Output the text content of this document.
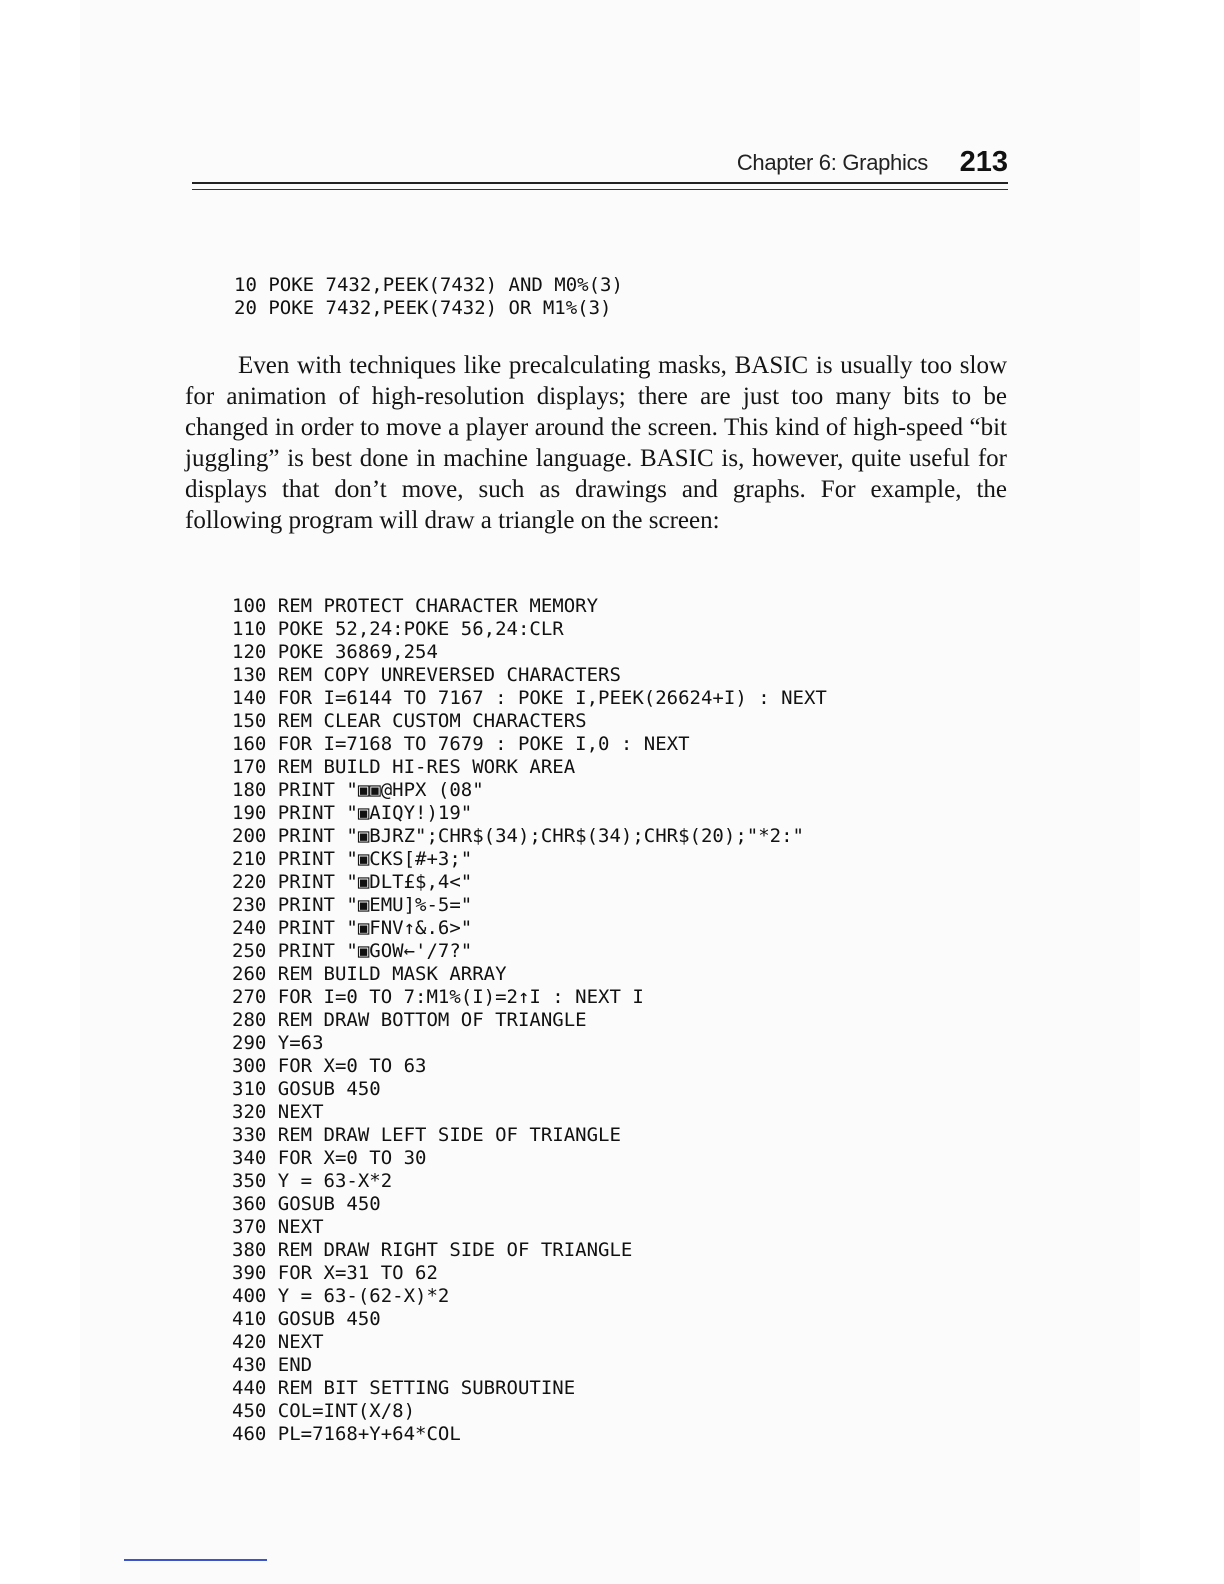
Chapter 6: Graphics 213
10 POKE 7432,PEEK(7432) AND M0%(3)
20 POKE 7432,PEEK(7432) OR M1%(3)

Even with techniques like precalculating masks, BASIC is usually too slow for animation of high-resolution displays; there are just too many bits to be changed in order to move a player around the screen. This kind of high-speed “bit juggling” is best done in machine language. BASIC is, however, quite useful for displays that don’t move, such as drawings and graphs. For example, the following program will draw a triangle on the screen:

100 REM PROTECT CHARACTER MEMORY
110 POKE 52,24:POKE 56,24:CLR
120 POKE 36869,254
130 REM COPY UNREVERSED CHARACTERS
140 FOR I=6144 TO 7167 : POKE I,PEEK(26624+I) : NEXT
150 REM CLEAR CUSTOM CHARACTERS
160 FOR I=7168 TO 7679 : POKE I,0 : NEXT
170 REM BUILD HI-RES WORK AREA
180 PRINT "▣▣@HPX (08"
190 PRINT "▣AIQY!)19"
200 PRINT "▣BJRZ";CHR$(34);CHR$(34);CHR$(20);"*2:"
210 PRINT "▣CKS[#+3;"
220 PRINT "▣DLT£$,4<"
230 PRINT "▣EMU]%-5="
240 PRINT "▣FNV↑&.6>"
250 PRINT "▣GOW←'/7?"
260 REM BUILD MASK ARRAY
270 FOR I=0 TO 7:M1%(I)=2↑I : NEXT I
280 REM DRAW BOTTOM OF TRIANGLE
290 Y=63
300 FOR X=0 TO 63
310 GOSUB 450
320 NEXT
330 REM DRAW LEFT SIDE OF TRIANGLE
340 FOR X=0 TO 30
350 Y = 63-X*2
360 GOSUB 450
370 NEXT
380 REM DRAW RIGHT SIDE OF TRIANGLE
390 FOR X=31 TO 62
400 Y = 63-(62-X)*2
410 GOSUB 450
420 NEXT
430 END
440 REM BIT SETTING SUBROUTINE
450 COL=INT(X/8)
460 PL=7168+Y+64*COL
